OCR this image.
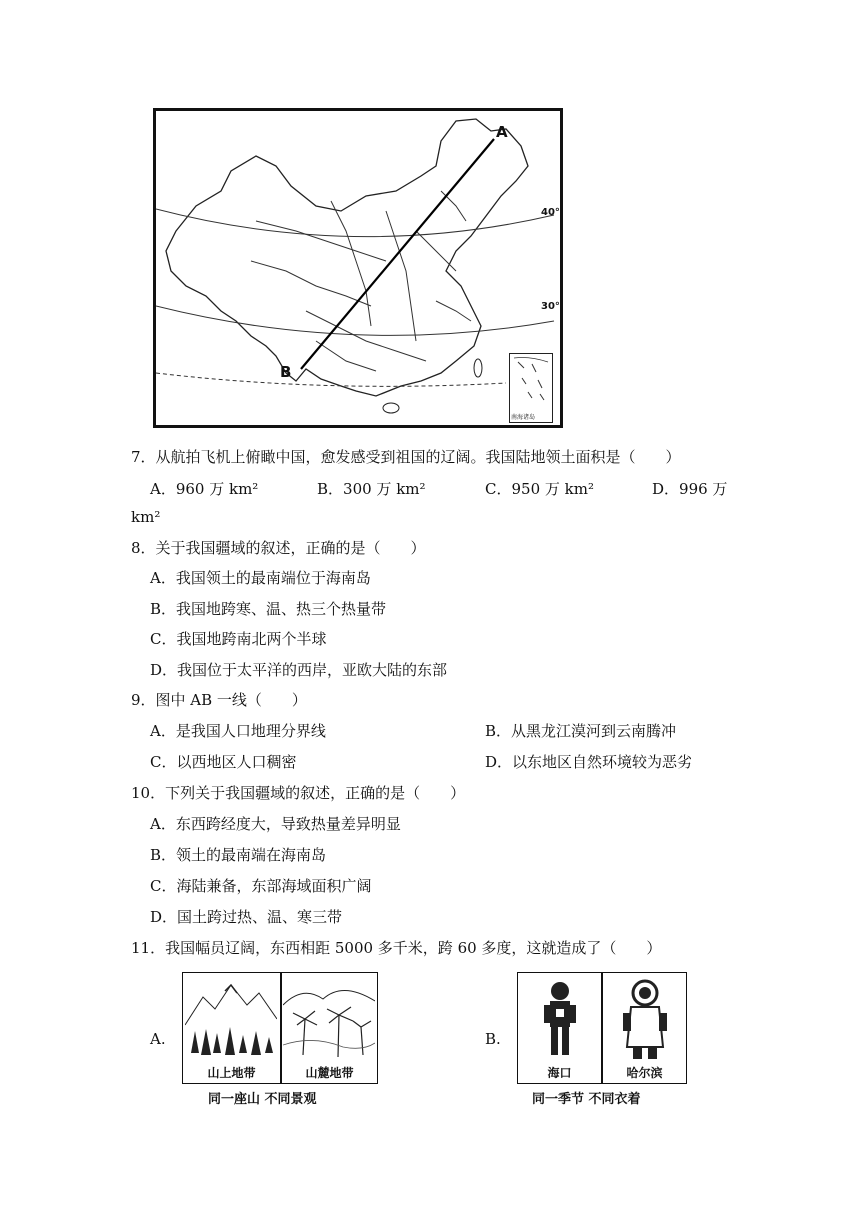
A
B
40°
30°
南海诸岛
7．从航拍飞机上俯瞰中国，愈发感受到祖国的辽阔。我国陆地领土面积是（　　）
A．960 万 km²	B．300 万 km²	C．950 万 km²	D．996 万
km²
8．关于我国疆域的叙述，正确的是（　　）
A．我国领土的最南端位于海南岛
B．我国地跨寒、温、热三个热量带
C．我国地跨南北两个半球
D．我国位于太平洋的西岸，亚欧大陆的东部
9．图中 AB 一线（　　）
A．是我国人口地理分界线	B．从黑龙江漠河到云南腾冲
C．以西地区人口稠密	D．以东地区自然环境较为恶劣
10．下列关于我国疆域的叙述，正确的是（　　）
A．东西跨经度大，导致热量差异明显
B．领土的最南端在海南岛
C．海陆兼备，东部海域面积广阔
D．国土跨过热、温、寒三带
11．我国幅员辽阔，东西相距 5000 多千米，跨 60 多度，这就造成了（　　）
A.	B.
山上地带	山麓地带
同一座山 不同景观
海口	哈尔滨
同一季节 不同衣着
